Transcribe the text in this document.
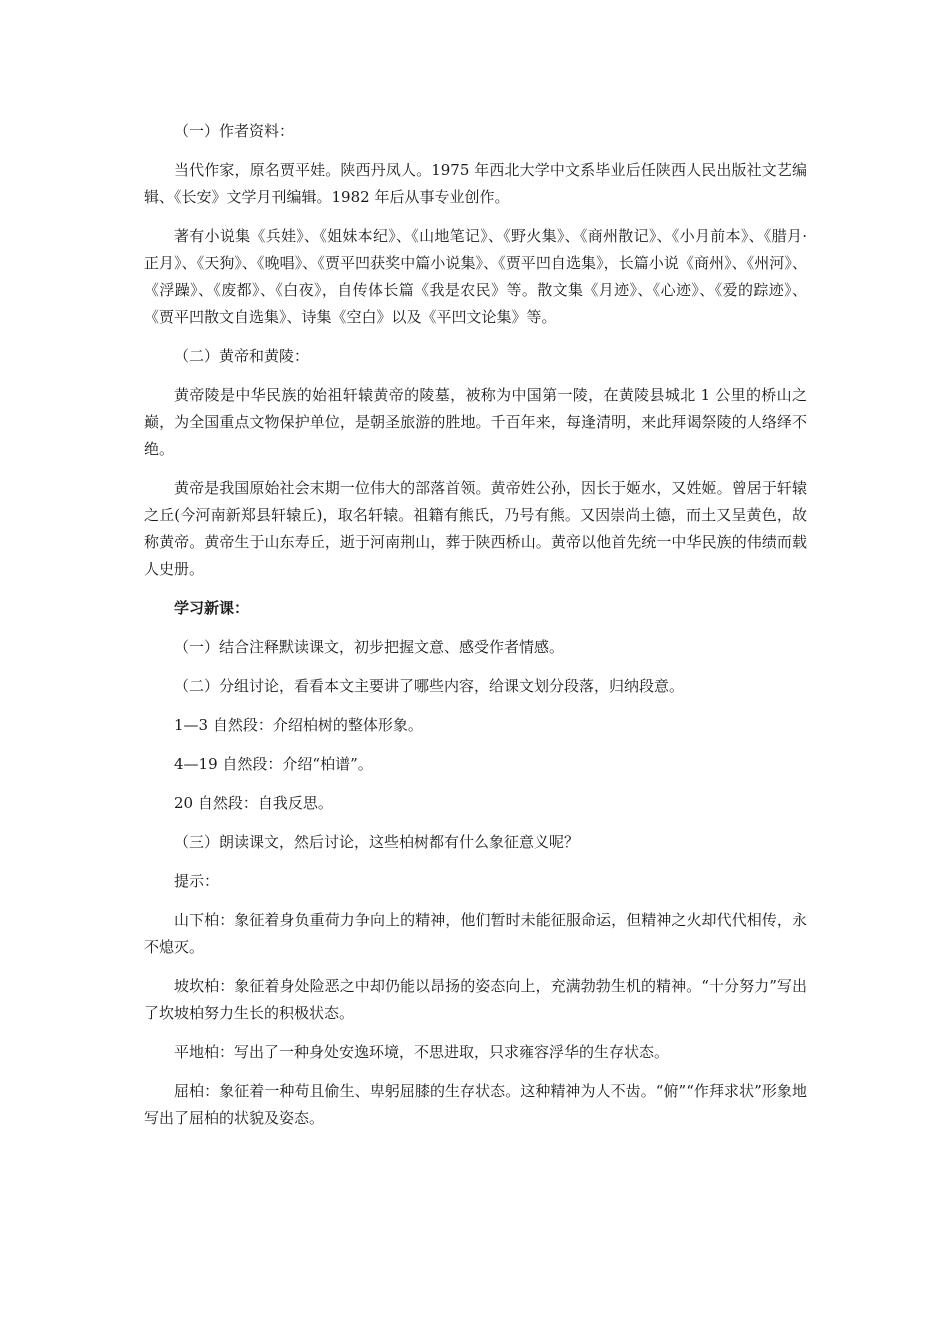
（一）作者资料：

当代作家，原名贾平娃。陕西丹凤人。1975 年西北大学中文系毕业后任陕西人民出版社文艺编辑、《长安》文学月刊编辑。1982 年后从事专业创作。

著有小说集《兵娃》、《姐妹本纪》、《山地笔记》、《野火集》、《商州散记》、《小月前本》、《腊月·正月》、《天狗》、《晚唱》、《贾平凹获奖中篇小说集》、《贾平凹自选集》，长篇小说《商州》、《州河》、《浮躁》、《废都》、《白夜》，自传体长篇《我是农民》等。散文集《月迹》、《心迹》、《爱的踪迹》、《贾平凹散文自选集》、诗集《空白》以及《平凹文论集》等。

（二）黄帝和黄陵：

黄帝陵是中华民族的始祖轩辕黄帝的陵墓，被称为中国第一陵，在黄陵县城北 1 公里的桥山之巅，为全国重点文物保护单位，是朝圣旅游的胜地。千百年来，每逢清明，来此拜谒祭陵的人络绎不绝。

黄帝是我国原始社会末期一位伟大的部落首领。黄帝姓公孙，因长于姬水，又姓姬。曾居于轩辕之丘(今河南新郑县轩辕丘)，取名轩辕。祖籍有熊氏，乃号有熊。又因崇尚土德，而土又呈黄色，故称黄帝。黄帝生于山东寿丘，逝于河南荆山，葬于陕西桥山。黄帝以他首先统一中华民族的伟绩而载人史册。

学习新课：

（一）结合注释默读课文，初步把握文意、感受作者情感。

（二）分组讨论，看看本文主要讲了哪些内容，给课文划分段落，归纳段意。

1—3 自然段：介绍柏树的整体形象。

4—19 自然段：介绍“柏谱”。

20 自然段：自我反思。

（三）朗读课文，然后讨论，这些柏树都有什么象征意义呢？

提示：

山下柏：象征着身负重荷力争向上的精神，他们暂时未能征服命运，但精神之火却代代相传，永不熄灭。

坡坎柏：象征着身处险恶之中却仍能以昂扬的姿态向上，充满勃勃生机的精神。“十分努力”写出了坎坡柏努力生长的积极状态。

平地柏：写出了一种身处安逸环境，不思进取，只求雍容浮华的生存状态。

屈柏：象征着一种苟且偷生、卑躬屈膝的生存状态。这种精神为人不齿。“俯”“作拜求状”形象地写出了屈柏的状貌及姿态。
